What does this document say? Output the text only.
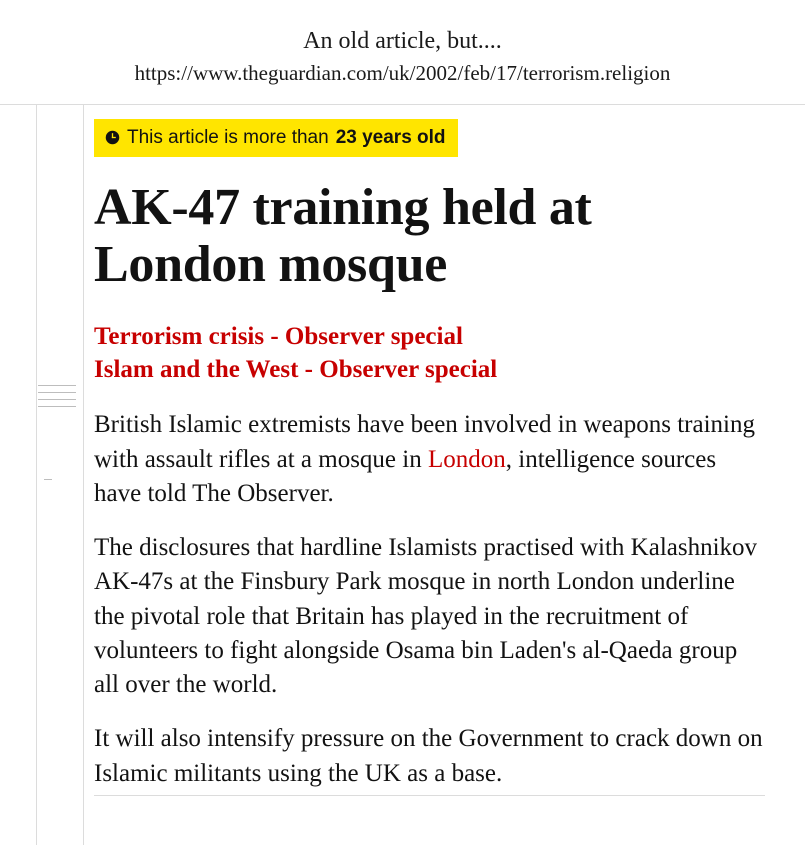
An old article, but....
https://www.theguardian.com/uk/2002/feb/17/terrorism.religion
This article is more than 23 years old
AK-47 training held at London mosque
Terrorism crisis - Observer special
Islam and the West - Observer special

British Islamic extremists have been involved in weapons training with assault rifles at a mosque in London, intelligence sources have told The Observer.

The disclosures that hardline Islamists practised with Kalashnikov AK-47s at the Finsbury Park mosque in north London underline the pivotal role that Britain has played in the recruitment of volunteers to fight alongside Osama bin Laden's al-Qaeda group all over the world.

It will also intensify pressure on the Government to crack down on Islamic militants using the UK as a base.
